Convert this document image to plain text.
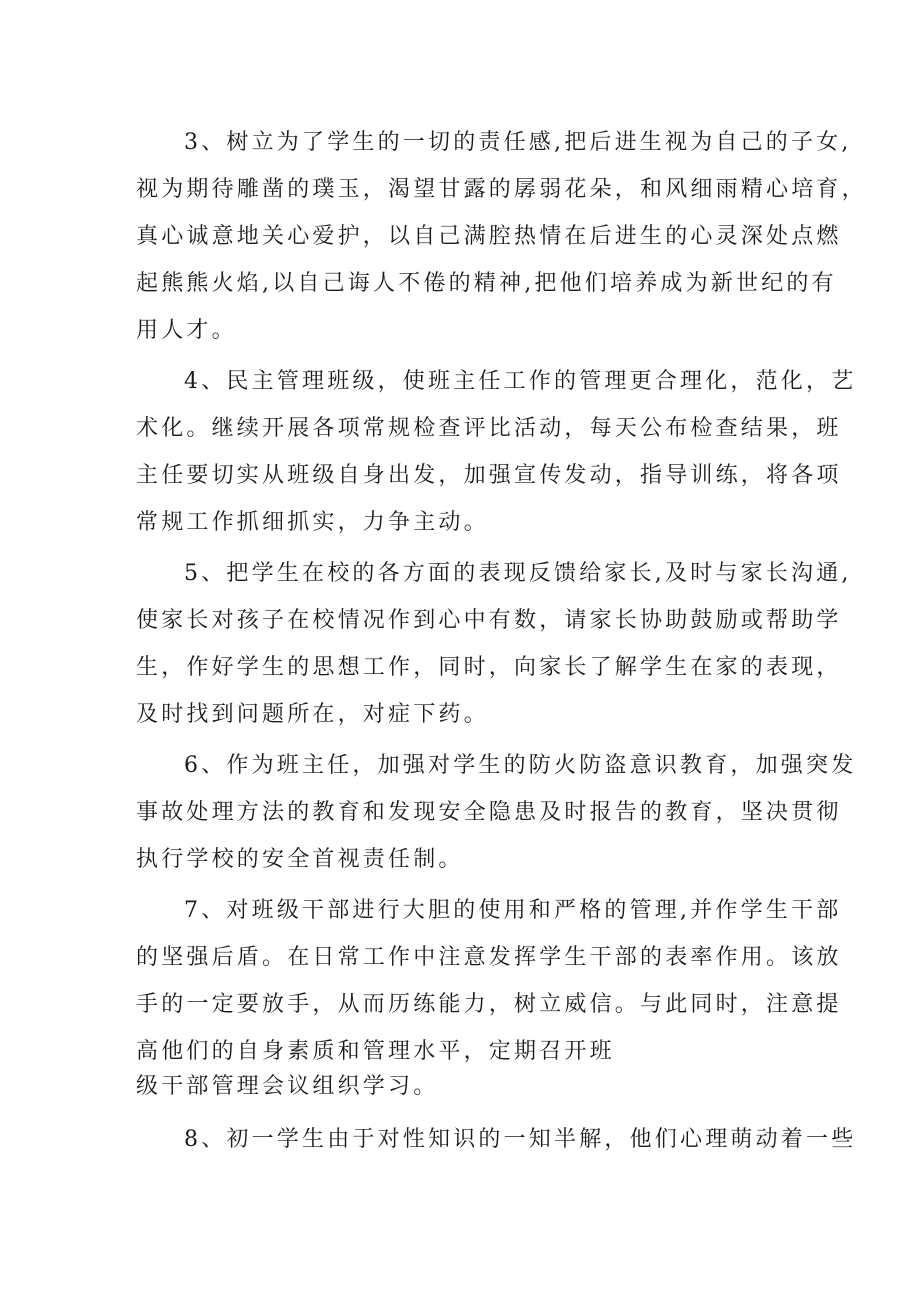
3、树立为了学生的一切的责任感,把后进生视为自己的子女,
视为期待雕凿的璞玉，渴望甘露的孱弱花朵，和风细雨精心培育，
真心诚意地关心爱护，以自己满腔热情在后进生的心灵深处点燃
起熊熊火焰,以自己诲人不倦的精神,把他们培养成为新世纪的有
用人才。
4、民主管理班级，使班主任工作的管理更合理化，范化，艺
术化。继续开展各项常规检查评比活动，每天公布检查结果，班
主任要切实从班级自身出发，加强宣传发动，指导训练，将各项
常规工作抓细抓实，力争主动。
5、把学生在校的各方面的表现反馈给家长,及时与家长沟通,
使家长对孩子在校情况作到心中有数，请家长协助鼓励或帮助学
生，作好学生的思想工作，同时，向家长了解学生在家的表现，
及时找到问题所在，对症下药。
6、作为班主任，加强对学生的防火防盗意识教育，加强突发
事故处理方法的教育和发现安全隐患及时报告的教育，坚决贯彻
执行学校的安全首视责任制。
7、对班级干部进行大胆的使用和严格的管理,并作学生干部
的坚强后盾。在日常工作中注意发挥学生干部的表率作用。该放
手的一定要放手，从而历练能力，树立威信。与此同时，注意提
高他们的自身素质和管理水平，定期召开班
级干部管理会议组织学习。
8、初一学生由于对性知识的一知半解，他们心理萌动着一些
